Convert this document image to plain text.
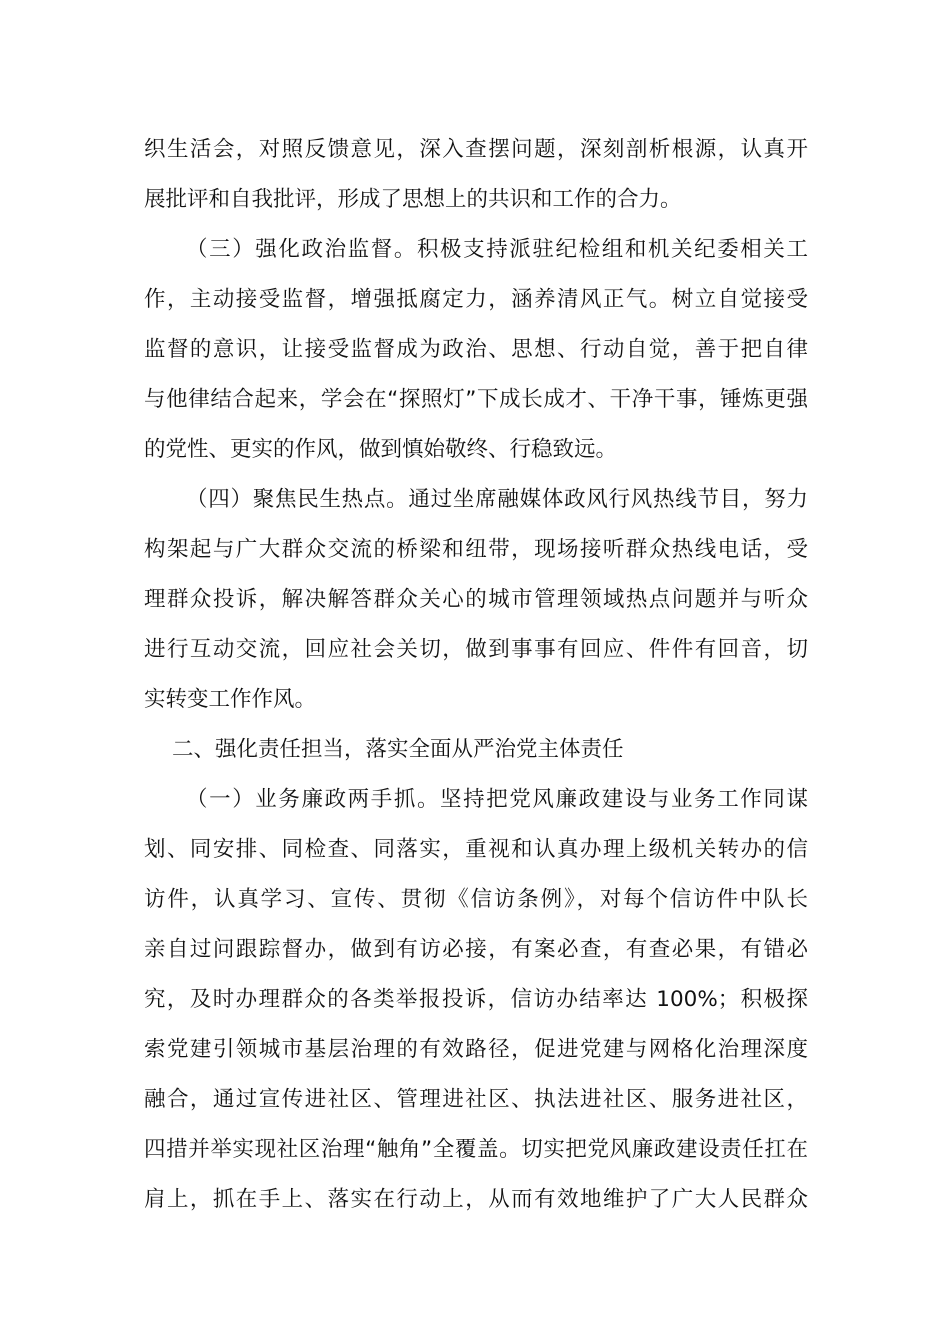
织生活会，对照反馈意见，深入查摆问题，深刻剖析根源，认真开
展批评和自我批评，形成了思想上的共识和工作的合力。
（三）强化政治监督。积极支持派驻纪检组和机关纪委相关工
作，主动接受监督，增强抵腐定力，涵养清风正气。树立自觉接受
监督的意识，让接受监督成为政治、思想、行动自觉，善于把自律
与他律结合起来，学会在“探照灯”下成长成才、干净干事，锤炼更强
的党性、更实的作风，做到慎始敬终、行稳致远。
（四）聚焦民生热点。通过坐席融媒体政风行风热线节目，努力
构架起与广大群众交流的桥梁和纽带，现场接听群众热线电话，受
理群众投诉，解决解答群众关心的城市管理领域热点问题并与听众
进行互动交流，回应社会关切，做到事事有回应、件件有回音，切
实转变工作作风。
二、强化责任担当，落实全面从严治党主体责任
（一）业务廉政两手抓。坚持把党风廉政建设与业务工作同谋
划、同安排、同检查、同落实，重视和认真办理上级机关转办的信
访件，认真学习、宣传、贯彻《信访条例》，对每个信访件中队长
亲自过问跟踪督办，做到有访必接，有案必查，有查必果，有错必
究，及时办理群众的各类举报投诉，信访办结率达 100%；积极探
索党建引领城市基层治理的有效路径，促进党建与网格化治理深度
融合，通过宣传进社区、管理进社区、执法进社区、服务进社区，
四措并举实现社区治理“触角”全覆盖。切实把党风廉政建设责任扛在
肩上，抓在手上、落实在行动上，从而有效地维护了广大人民群众
